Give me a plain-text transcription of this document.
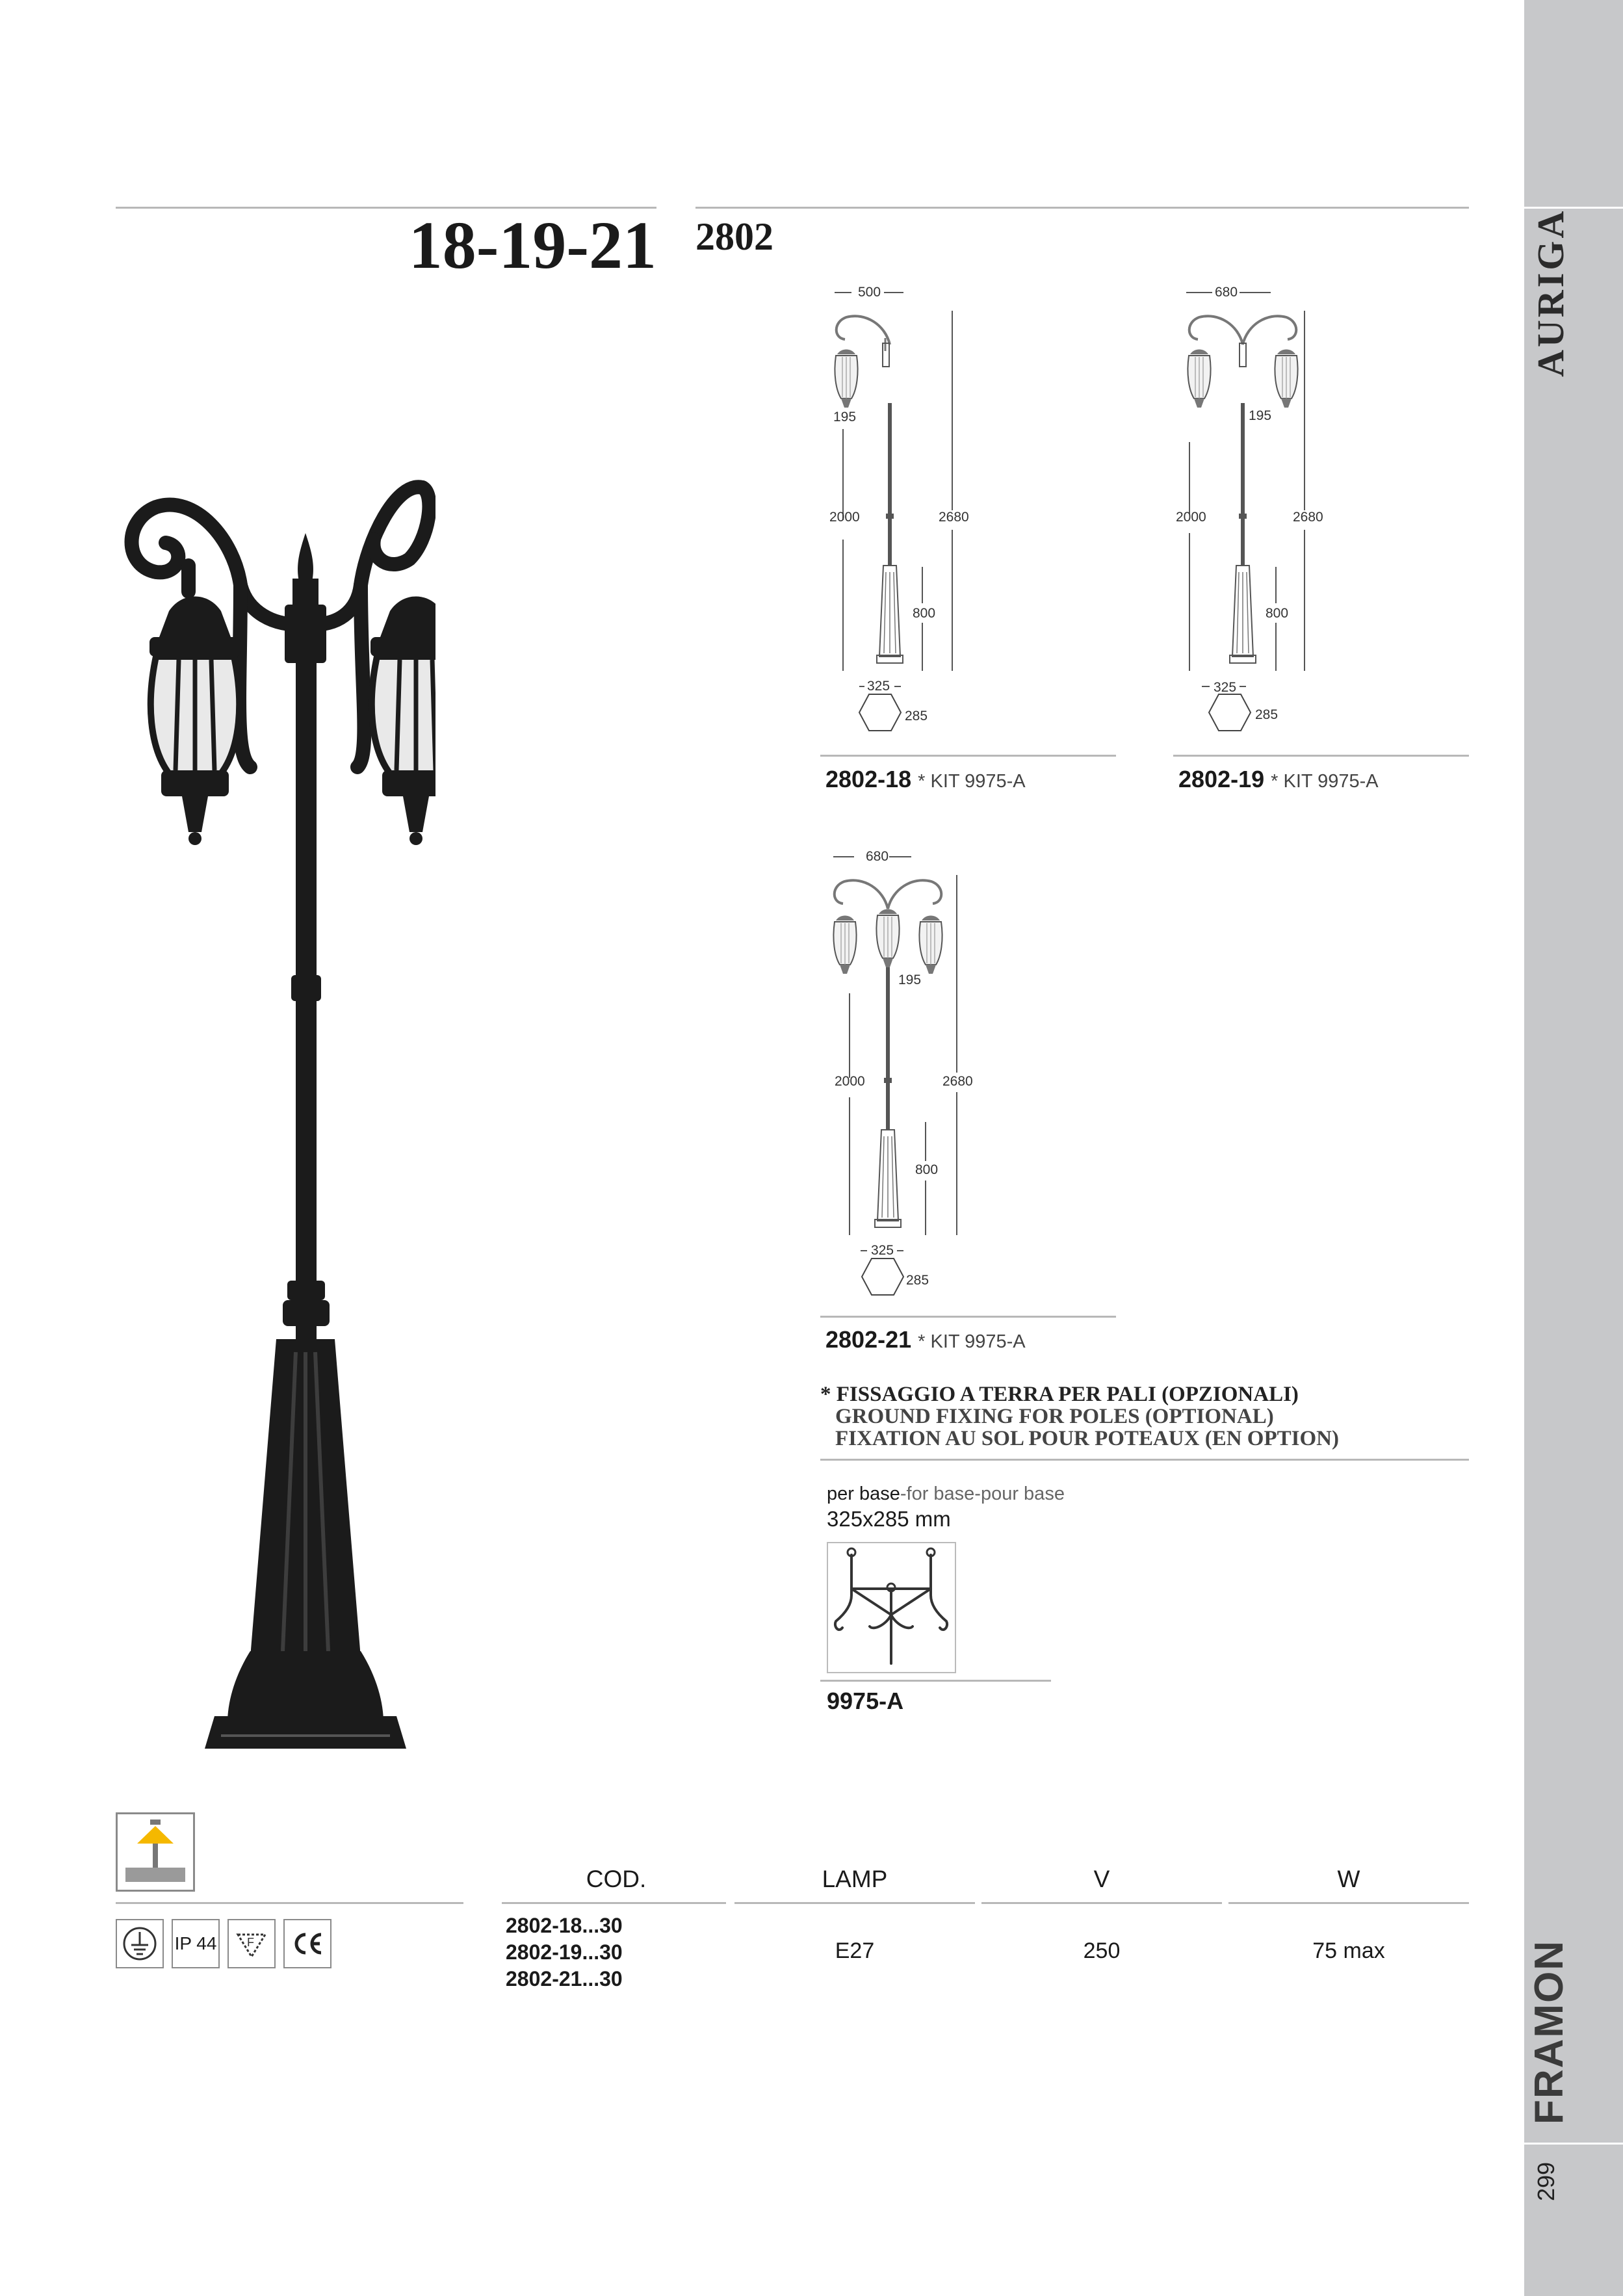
AURIGA
FRAMON
299
18-19-21 2802
500
195
2000	2680
800
325
285
2802-18 * KIT 9975-A
680
195
2000	2680
800
325
285
2802-19 * KIT 9975-A
680
195
2000	2680
800
325
285
2802-21 * KIT 9975-A
* FISSAGGIO A TERRA PER PALI (OPZIONALI)
GROUND FIXING FOR POLES (OPTIONAL)
FIXATION AU SOL POUR POTEAUX (EN OPTION)
per base-for base-pour base
325x285 mm
9975-A
IP 44	F
COD.	LAMP	V	W
2802-18...30
2802-19...30
2802-21...30
E27	250	75 max
